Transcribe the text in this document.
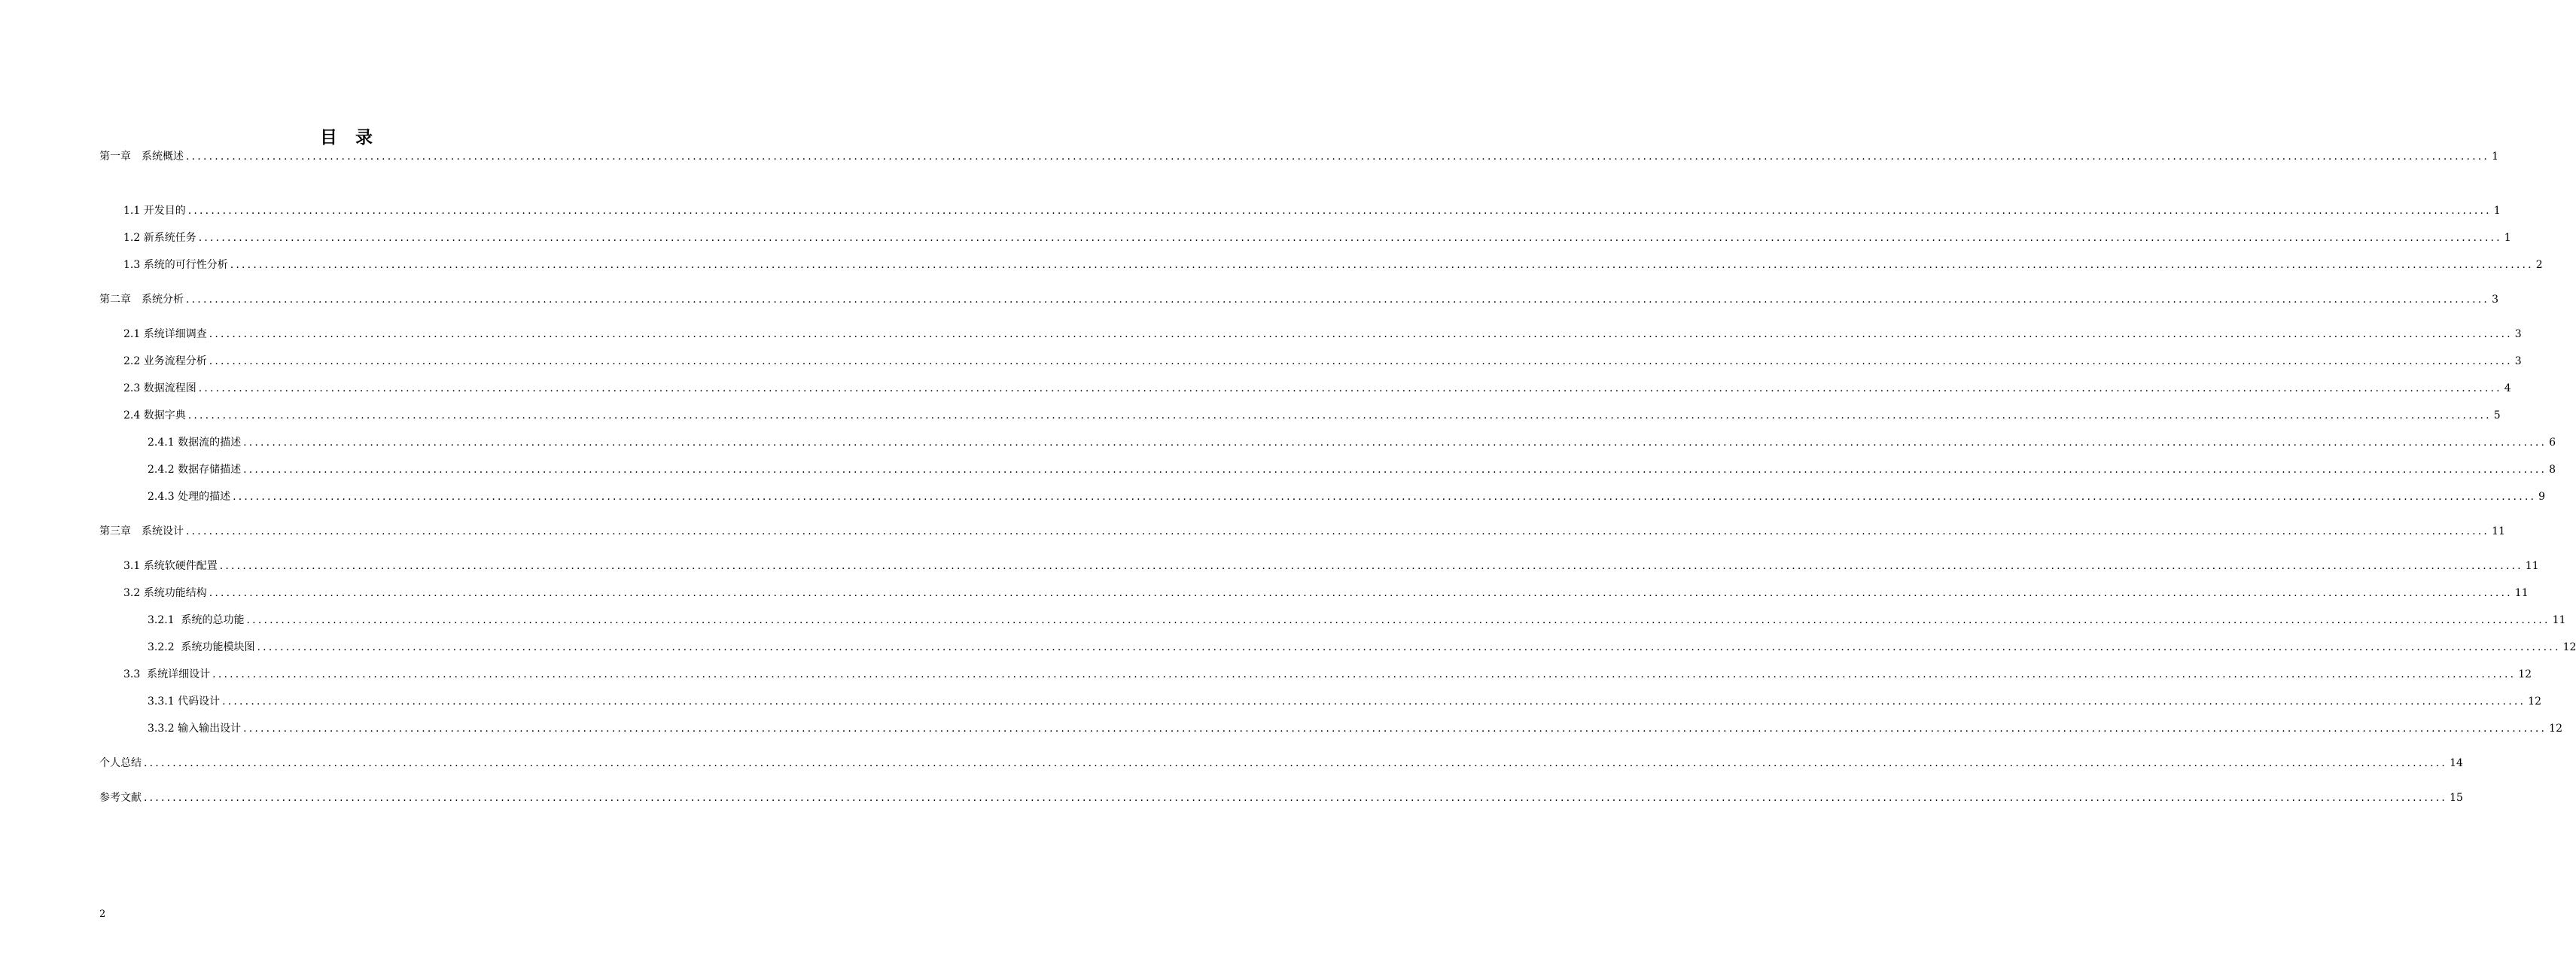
目录
第一章　系统概述 ................................................................................................................................................................................................................................................................................................................................................................................................................ 1
1.1 开发目的 ................................................................................................................................................................................................................................................................................................................................................................................................................ 1
1.2 新系统任务 ................................................................................................................................................................................................................................................................................................................................................................................................................ 1
1.3 系统的可行性分析 ................................................................................................................................................................................................................................................................................................................................................................................................................ 2
第二章　系统分析 ................................................................................................................................................................................................................................................................................................................................................................................................................ 3
2.1 系统详细调查 ................................................................................................................................................................................................................................................................................................................................................................................................................ 3
2.2 业务流程分析 ................................................................................................................................................................................................................................................................................................................................................................................................................ 3
2.3 数据流程图 ................................................................................................................................................................................................................................................................................................................................................................................................................ 4
2.4 数据字典 ................................................................................................................................................................................................................................................................................................................................................................................................................ 5
2.4.1 数据流的描述 ................................................................................................................................................................................................................................................................................................................................................................................................................ 6
2.4.2 数据存储描述 ................................................................................................................................................................................................................................................................................................................................................................................................................ 8
2.4.3 处理的描述 ................................................................................................................................................................................................................................................................................................................................................................................................................ 9
第三章　系统设计 ................................................................................................................................................................................................................................................................................................................................................................................................................ 11
3.1 系统软硬件配置 ................................................................................................................................................................................................................................................................................................................................................................................................................ 11
3.2 系统功能结构 ................................................................................................................................................................................................................................................................................................................................................................................................................ 11
3.2.1  系统的总功能 ................................................................................................................................................................................................................................................................................................................................................................................................................ 11
3.2.2  系统功能模块图 ................................................................................................................................................................................................................................................................................................................................................................................................................ 12
3.3  系统详细设计 ................................................................................................................................................................................................................................................................................................................................................................................................................ 12
3.3.1 代码设计 ................................................................................................................................................................................................................................................................................................................................................................................................................ 12
3.3.2 输入输出设计 ................................................................................................................................................................................................................................................................................................................................................................................................................ 12
个人总结 ................................................................................................................................................................................................................................................................................................................................................................................................................ 14
参考文献 ................................................................................................................................................................................................................................................................................................................................................................................................................ 15
2
